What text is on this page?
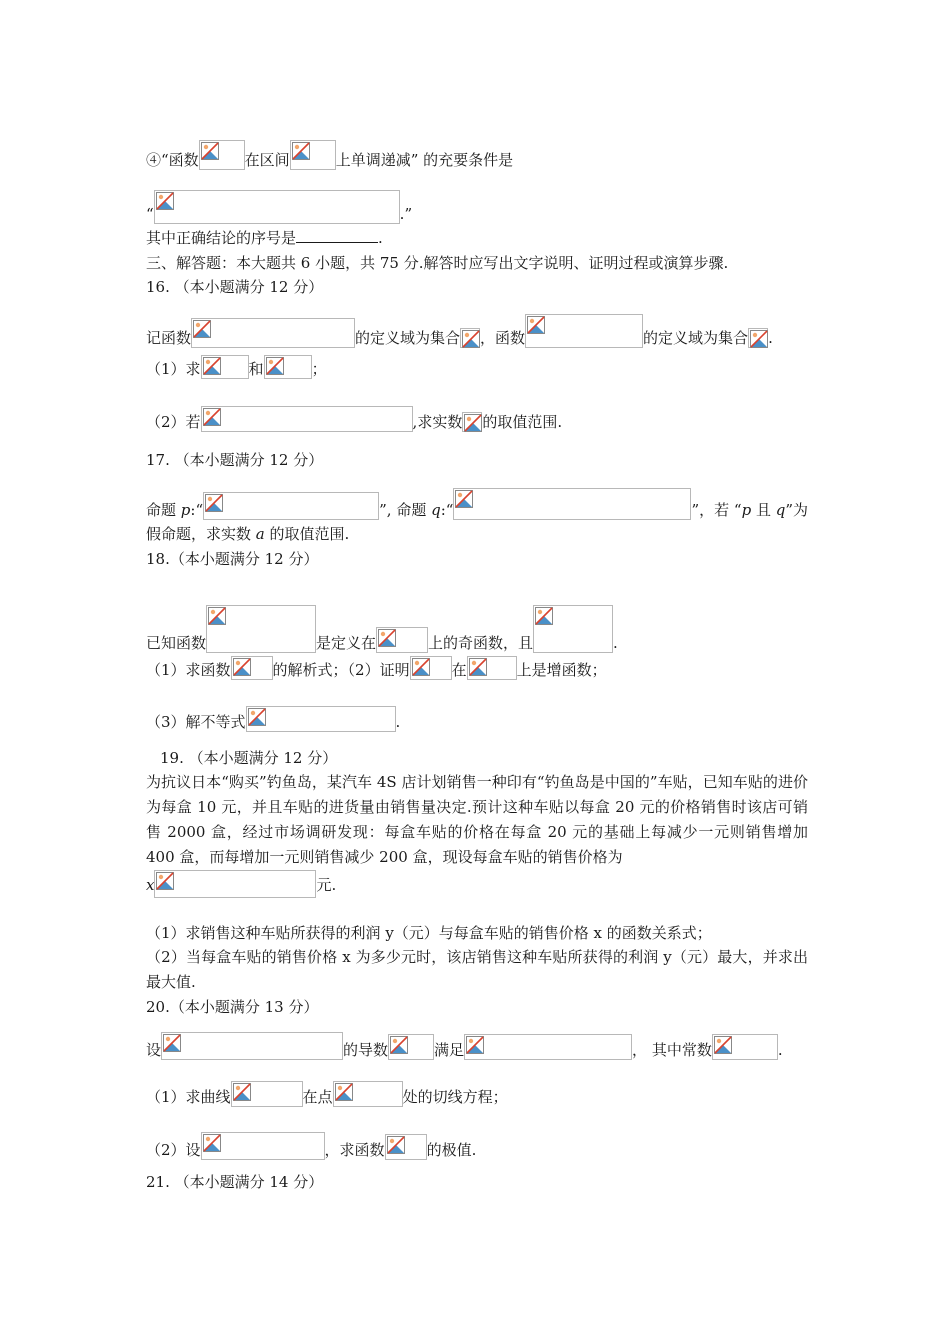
④“函数	在区间	上单调递减” 的充要条件是
“	.”
其中正确结论的序号是	.
三、解答题：本大题共 6 小题，共 75 分.解答时应写出文字说明、证明过程或演算步骤.
16. （本小题满分 12 分）
记函数	的定义域为集合 ，函数	的定义域为集合 .
（1）求	和	；
（2）若	,求实数 的取值范围.
17. （本小题满分 12 分）
命题 p:“	”, 命题 q:“	”，若 “p 且 q”为
假命题，求实数 a 的取值范围.
18.（本小题满分 12 分）
已知函数	是定义在	上的奇函数，且	.
（1）求函数	的解析式；（2）证明	在	上是增函数；
（3）解不等式	.
19. （本小题满分 12 分）
为抗议日本“购买”钓鱼岛，某汽车 4S 店计划销售一种印有“钓鱼岛是中国的”车贴，已知车贴的进价为每盒 10 元，并且车贴的进货量由销售量决定.预计这种车贴以每盒 20 元的价格销售时该店可销售 2000 盒，经过市场调研发现：每盒车贴的价格在每盒 20 元的基础上每减少一元则销售增加 400 盒，而每增加一元则销售减少 200 盒，现设每盒车贴的销售价格为
x	元.
（1）求销售这种车贴所获得的利润 y（元）与每盒车贴的销售价格 x 的函数关系式；
（2）当每盒车贴的销售价格 x 为多少元时，该店销售这种车贴所获得的利润 y（元）最大，并求出最大值.
20.（本小题满分 13 分）
设	的导数	满足	， 其中常数	.
（1）求曲线	在点	处的切线方程；
（2）设	，求函数	的极值.
21. （本小题满分 14 分）
